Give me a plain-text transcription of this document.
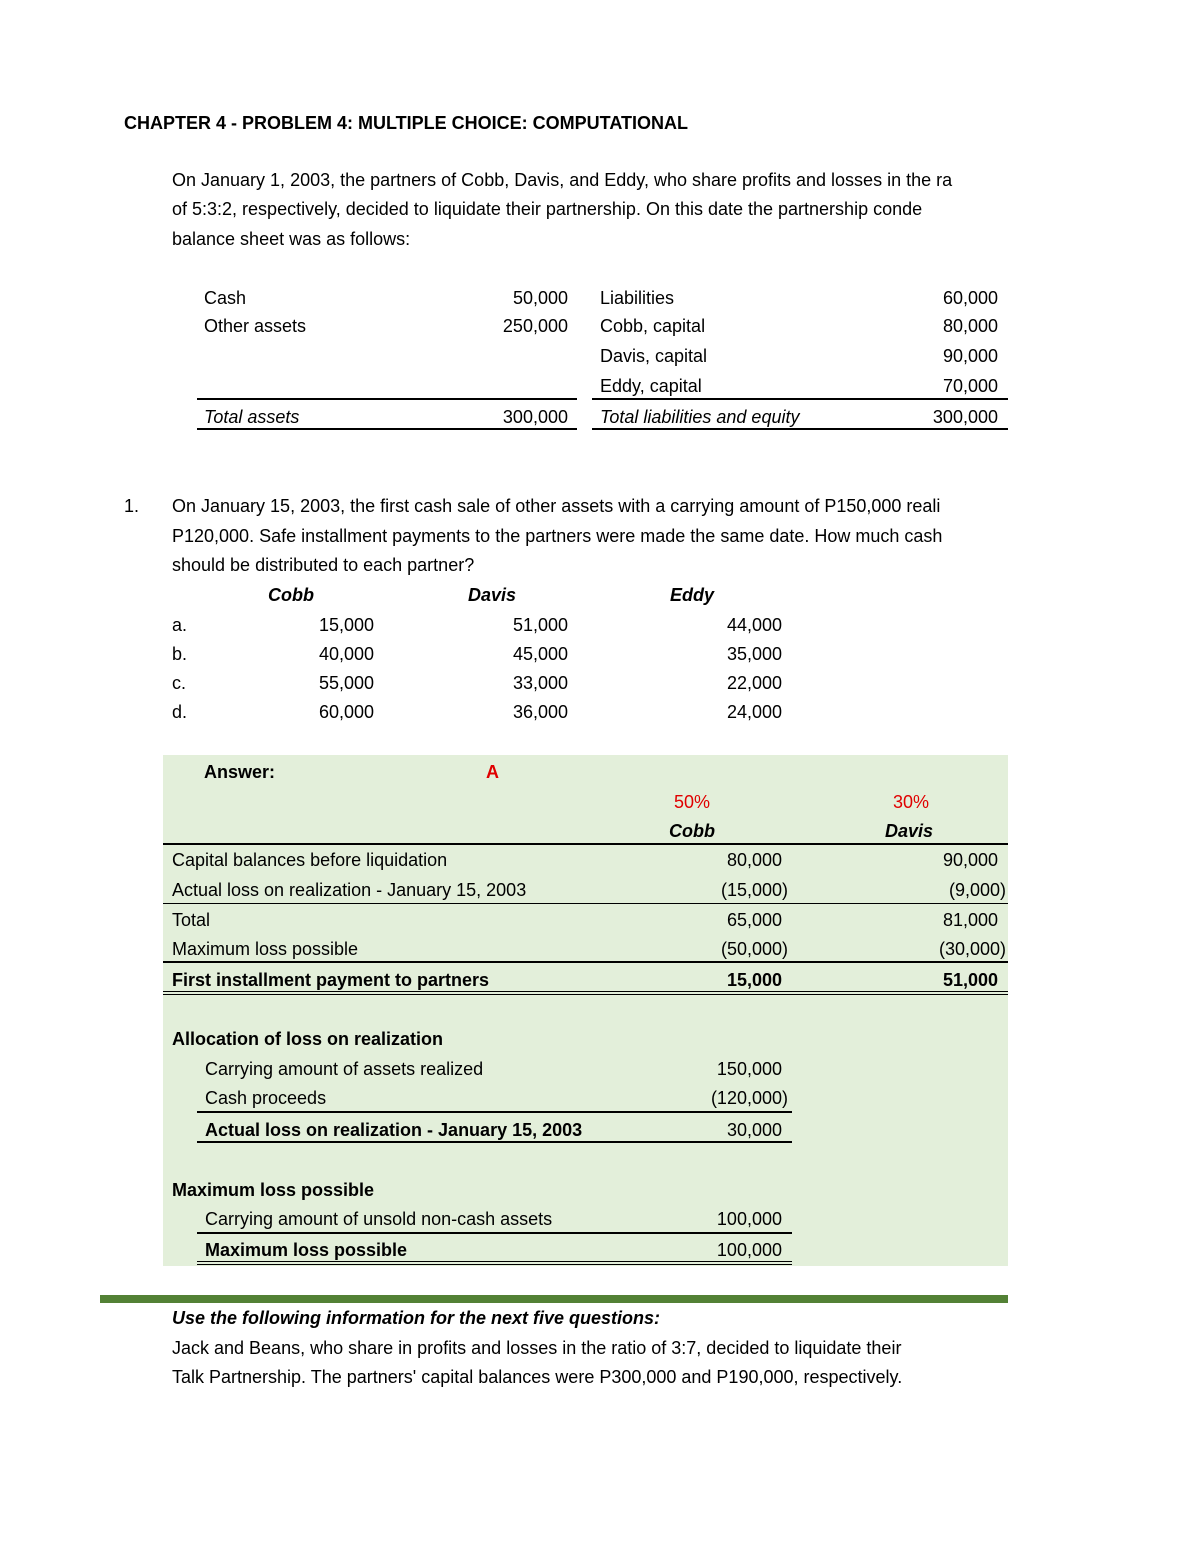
CHAPTER 4 - PROBLEM 4: MULTIPLE CHOICE: COMPUTATIONAL
On January 1, 2003, the partners of Cobb, Davis, and Eddy, who share profits and losses in the ra
of 5:3:2, respectively, decided to liquidate their partnership. On this date the partnership conde
balance sheet was as follows:
Cash	50,000
Other assets	250,000
Liabilities	60,000
Cobb, capital	80,000
Davis, capital	90,000
Eddy, capital	70,000
Total assets	300,000 Total liabilities and equity	300,000
1. On January 15, 2003, the first cash sale of other assets with a carrying amount of P150,000 reali
P120,000. Safe installment payments to the partners were made the same date. How much cash
should be distributed to each partner?
Cobb	Davis	Eddy
a.	15,000	51,000	44,000
b.	40,000	45,000	35,000
c.	55,000	33,000	22,000
d.	60,000	36,000	24,000
Answer:	A
50%	30%
Cobb	Davis
Capital balances before liquidation	80,000	90,000
Actual loss on realization - January 15, 2003	(15,000)	(9,000)
Total	65,000	81,000
Maximum loss possible	(50,000)	(30,000)
First installment payment to partners	15,000	51,000
Allocation of loss on realization
Carrying amount of assets realized	150,000
Cash proceeds	(120,000)
Actual loss on realization - January 15, 2003	30,000
Maximum loss possible
Carrying amount of unsold non-cash assets	100,000
Maximum loss possible	100,000
Use the following information for the next five questions:
Jack and Beans, who share in profits and losses in the ratio of 3:7, decided to liquidate their
Talk Partnership. The partners' capital balances were P300,000 and P190,000, respectively.
